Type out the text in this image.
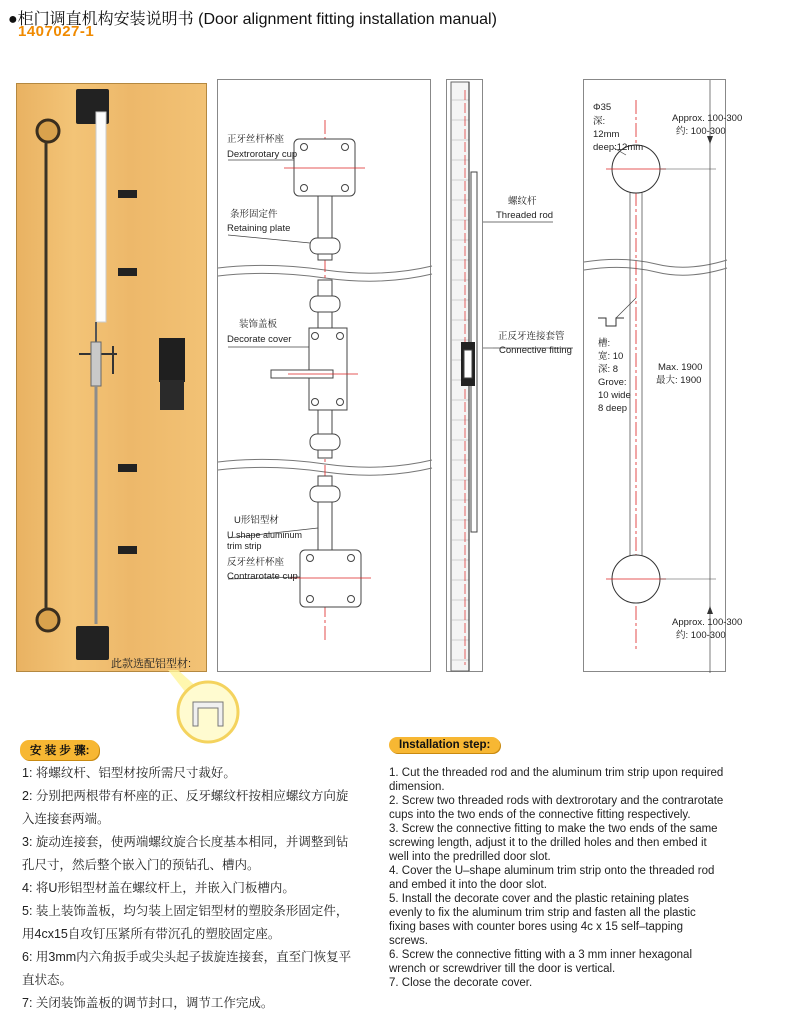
●柜门调直机构安装说明书 (Door alignment fitting installation manual)
1407027-1
此款选配铝型材:
正牙丝杆杯座
Dextrorotary cup
条形固定件
Retaining plate
装饰盖板
Decorate cover
U形铝型材
U shape aluminum
trim strip
反牙丝杆杯座
Contrarotate cup
螺纹杆
Threaded rod
正反牙连接套管
Connective fitting
Φ35
深:
12mm
deep:12mm
Approx. 100-300
约: 100-300
槽:
宽: 10
深: 8
Grove:
10 wide
8 deep
Max. 1900
最大: 1900
Approx. 100-300
约: 100-300
安 装 步 骤:
1: 将螺纹杆、铝型材按所需尺寸裁好。
2: 分别把两根带有杯座的正、反牙螺纹杆按相应螺纹方向旋
入连接套两端。
3: 旋动连接套，使两端螺纹旋合长度基本相同，并调整到钻
孔尺寸，然后整个嵌入门的预钻孔、槽内。
4: 将U形铝型材盖在螺纹杆上，并嵌入门板槽内。
5: 装上装饰盖板，均匀装上固定铝型材的塑胶条形固定件，
用4cx15自攻钉压紧所有带沉孔的塑胶固定座。
6: 用3mm内六角扳手或尖头起子拔旋连接套，直至门恢复平
直状态。
7: 关闭装饰盖板的调节封口，调节工作完成。
Installation step:
1. Cut the threaded rod and the aluminum trim strip upon required
dimension.
2. Screw two threaded rods with dextrorotary and the contrarotate
cups into the two ends of the connective fitting respectively.
3. Screw the connective fitting to make the two ends of the same
screwing length, adjust it to the drilled holes and then embed it
well into the predrilled door slot.
4. Cover the U–shape aluminum trim strip onto the threaded rod
and embed it into the door slot.
5. Install the decorate cover and the plastic retaining plates
evenly to fix the aluminum trim strip and fasten all the plastic
fixing bases with counter bores using 4c x 15 self–tapping
screws.
6. Screw the connective fitting with a 3 mm inner hexagonal
wrench or screwdriver till the door is vertical.
7. Close the decorate cover.
